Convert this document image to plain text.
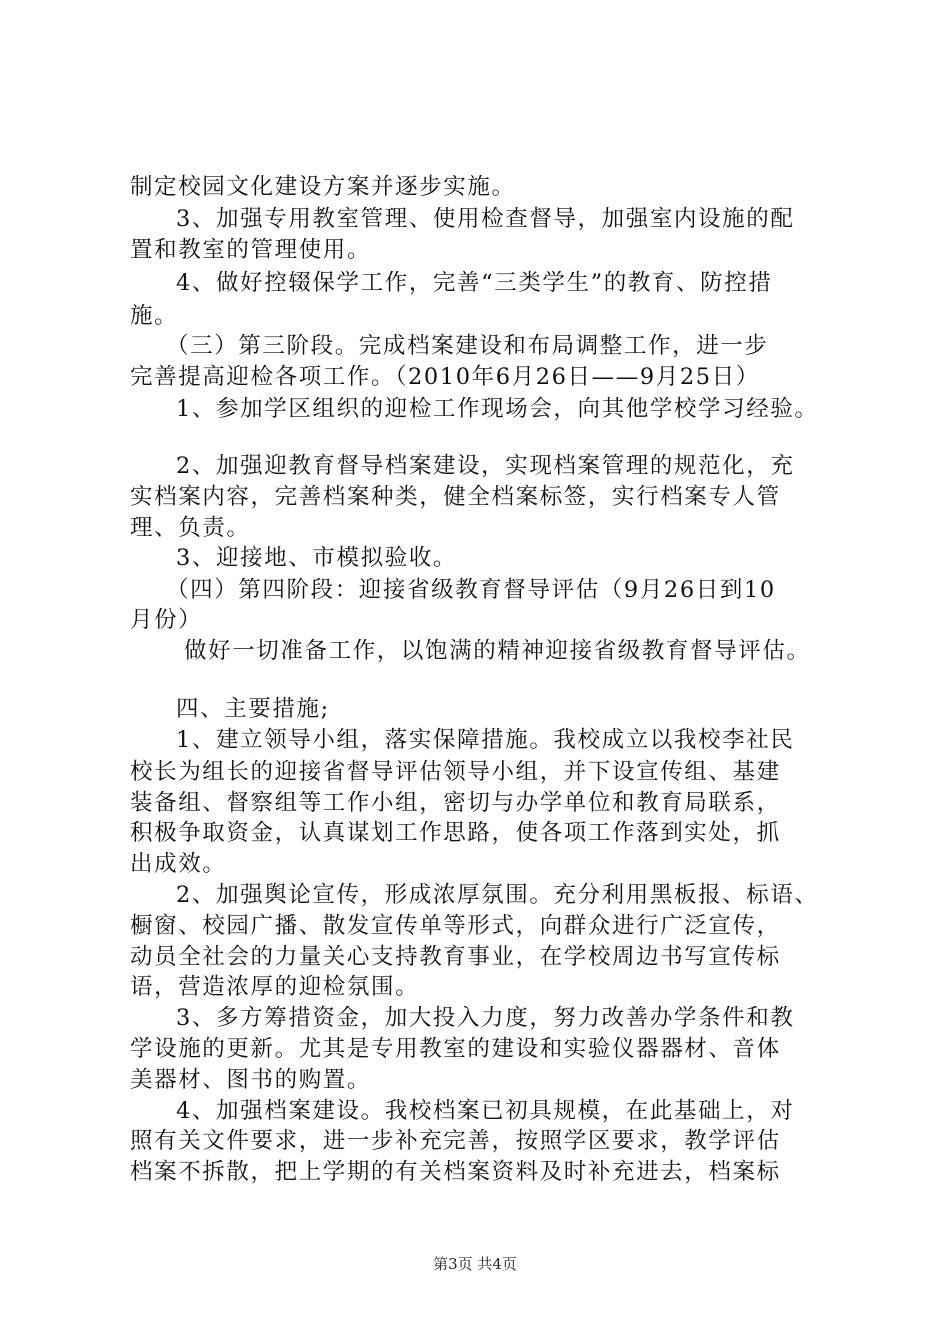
制定校园文化建设方案并逐步实施。
3、加强专用教室管理、使用检查督导，加强室内设施的配
置和教室的管理使用。
4、做好控辍保学工作，完善“三类学生”的教育、防控措
施。
（三）第三阶段。完成档案建设和布局调整工作，进一步
完善提高迎检各项工作。（2010年6月26日——9月25日）
1、参加学区组织的迎检工作现场会，向其他学校学习经验。
2、加强迎教育督导档案建设，实现档案管理的规范化，充
实档案内容，完善档案种类，健全档案标签，实行档案专人管
理、负责。
3、迎接地、市模拟验收。
（四）第四阶段：迎接省级教育督导评估（9月26日到10
月份）
做好一切准备工作，以饱满的精神迎接省级教育督导评估。
四、主要措施;
1、建立领导小组，落实保障措施。我校成立以我校李社民
校长为组长的迎接省督导评估领导小组，并下设宣传组、基建
装备组、督察组等工作小组，密切与办学单位和教育局联系，
积极争取资金，认真谋划工作思路，使各项工作落到实处，抓
出成效。
2、加强舆论宣传，形成浓厚氛围。充分利用黑板报、标语、
橱窗、校园广播、散发宣传单等形式，向群众进行广泛宣传，
动员全社会的力量关心支持教育事业，在学校周边书写宣传标
语，营造浓厚的迎检氛围。
3、多方筹措资金，加大投入力度，努力改善办学条件和教
学设施的更新。尤其是专用教室的建设和实验仪器器材、音体
美器材、图书的购置。
4、加强档案建设。我校档案已初具规模，在此基础上，对
照有关文件要求，进一步补充完善，按照学区要求，教学评估
档案不拆散，把上学期的有关档案资料及时补充进去，档案标
第3页 共4页
